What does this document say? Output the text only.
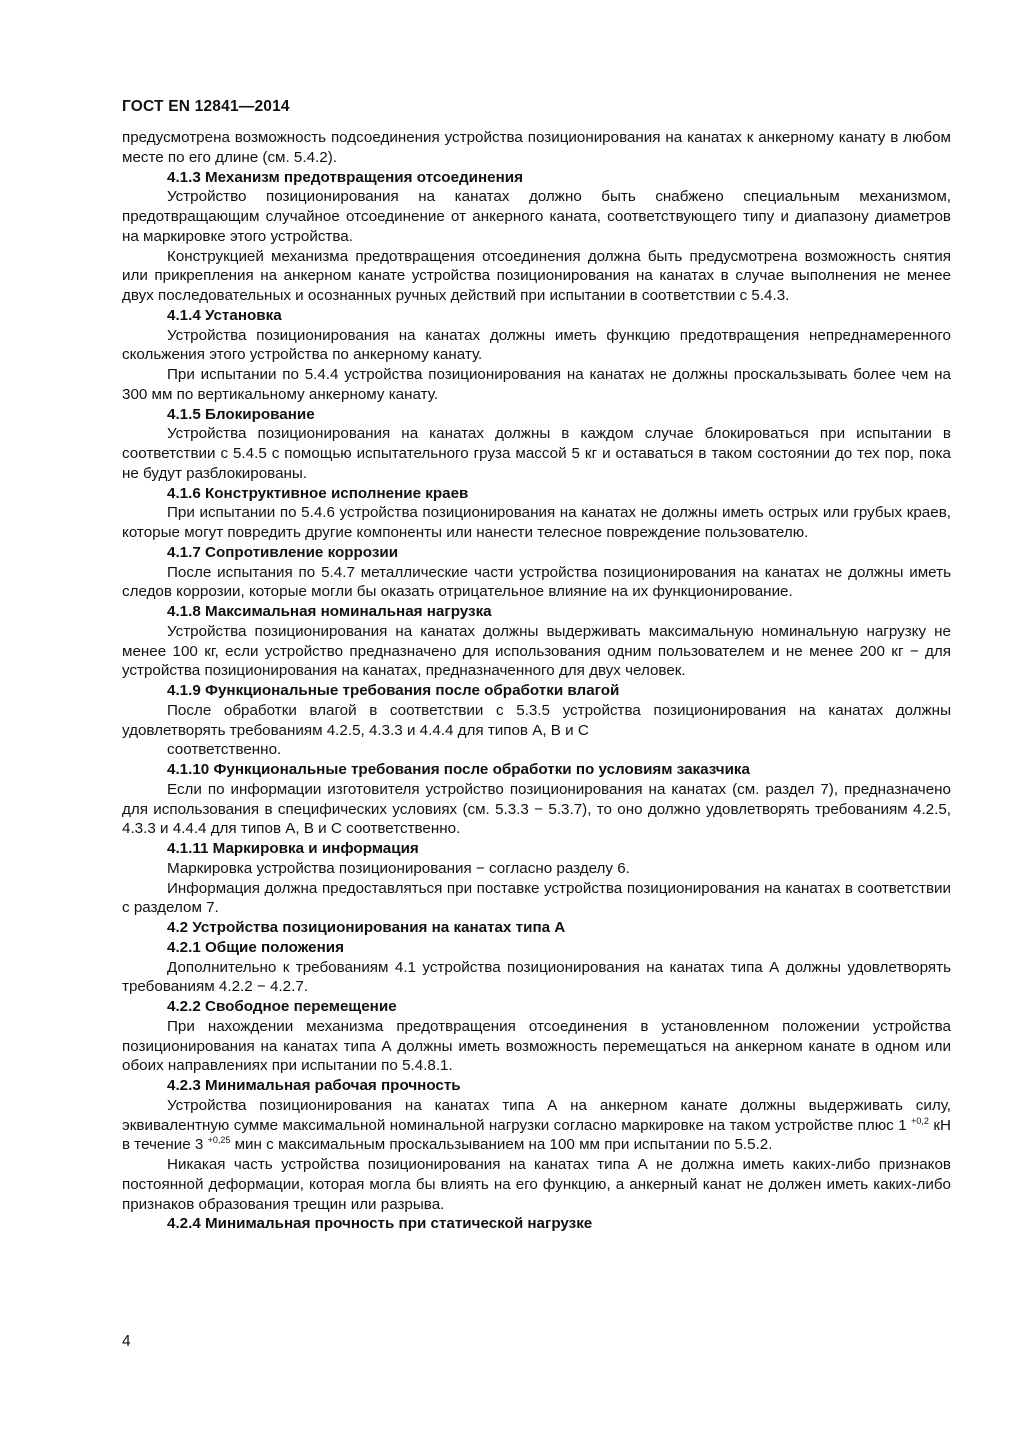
ГОСТ EN 12841—2014

предусмотрена возможность подсоединения устройства позиционирования на канатах к анкерному канату в любом месте по его длине (см. 5.4.2).

4.1.3 Механизм предотвращения отсоединения

Устройство позиционирования на канатах должно быть снабжено специальным механизмом, предотвращающим случайное отсоединение от анкерного каната, соответствующего типу и диапазону диаметров на маркировке этого устройства.

Конструкцией механизма предотвращения отсоединения должна быть предусмотрена возможность снятия или прикрепления на анкерном канате устройства позиционирования на канатах в случае выполнения не менее двух последовательных и осознанных ручных действий при испытании в соответствии с 5.4.3.

4.1.4 Установка

Устройства позиционирования на канатах должны иметь функцию предотвращения непреднамеренного скольжения этого устройства по анкерному канату.

При испытании по 5.4.4 устройства позиционирования на канатах не должны проскальзывать более чем на 300 мм по вертикальному анкерному канату.

4.1.5 Блокирование

Устройства позиционирования на канатах должны в каждом случае блокироваться при испытании в соответствии с 5.4.5 с помощью испытательного груза массой 5 кг и оставаться в таком состоянии до тех пор, пока не будут разблокированы.

4.1.6 Конструктивное исполнение краев

При испытании по 5.4.6 устройства позиционирования на канатах не должны иметь острых или грубых краев, которые могут повредить другие компоненты или нанести телесное повреждение пользователю.

4.1.7 Сопротивление коррозии

После испытания по 5.4.7 металлические части устройства позиционирования на канатах не должны иметь следов коррозии, которые могли бы оказать отрицательное влияние на их функционирование.

4.1.8 Максимальная номинальная нагрузка

Устройства позиционирования на канатах должны выдерживать максимальную номинальную нагрузку не менее 100 кг, если устройство предназначено для использования одним пользователем и не менее 200 кг − для устройства позиционирования на канатах, предназначенного для двух человек.

4.1.9 Функциональные требования после обработки влагой

После обработки влагой в соответствии с 5.3.5 устройства позиционирования на канатах должны удовлетворять требованиям 4.2.5, 4.3.3 и 4.4.4 для типов А, В и С

соответственно.
4.1.10 Функциональные требования после обработки по условиям заказчика

Если по информации изготовителя устройство позиционирования на канатах (см. раздел 7), предназначено для использования в специфических условиях (см. 5.3.3 − 5.3.7), то оно должно удовлетворять требованиям 4.2.5, 4.3.3 и 4.4.4 для типов А, В и С соответственно.

4.1.11 Маркировка и информация

Маркировка устройства позиционирования − согласно разделу 6.

Информация должна предоставляться при поставке устройства позиционирования на канатах в соответствии с разделом 7.

4.2 Устройства позиционирования на канатах типа А
4.2.1 Общие положения

Дополнительно к требованиям 4.1 устройства позиционирования на канатах типа А должны удовлетворять требованиям 4.2.2 − 4.2.7.

4.2.2 Свободное перемещение

При нахождении механизма предотвращения отсоединения в установленном положении устройства позиционирования на канатах типа А должны иметь возможность перемещаться на анкерном канате в одном или обоих направлениях при испытании по 5.4.8.1.

4.2.3 Минимальная рабочая прочность

Устройства позиционирования на канатах типа А на анкерном канате должны выдерживать силу, эквивалентную сумме максимальной номинальной нагрузки согласно маркировке на таком устройстве плюс 1 $^{+0,2}$ кН в течение 3 $^{+0,25}$ мин с максимальным проскальзыванием на 100 мм при испытании по 5.5.2.

Никакая часть устройства позиционирования на канатах типа А не должна иметь каких-либо признаков постоянной деформации, которая могла бы влиять на его функцию, а анкерный канат не должен иметь каких-либо признаков образования трещин или разрыва.

4.2.4 Минимальная прочность при статической нагрузке
4
